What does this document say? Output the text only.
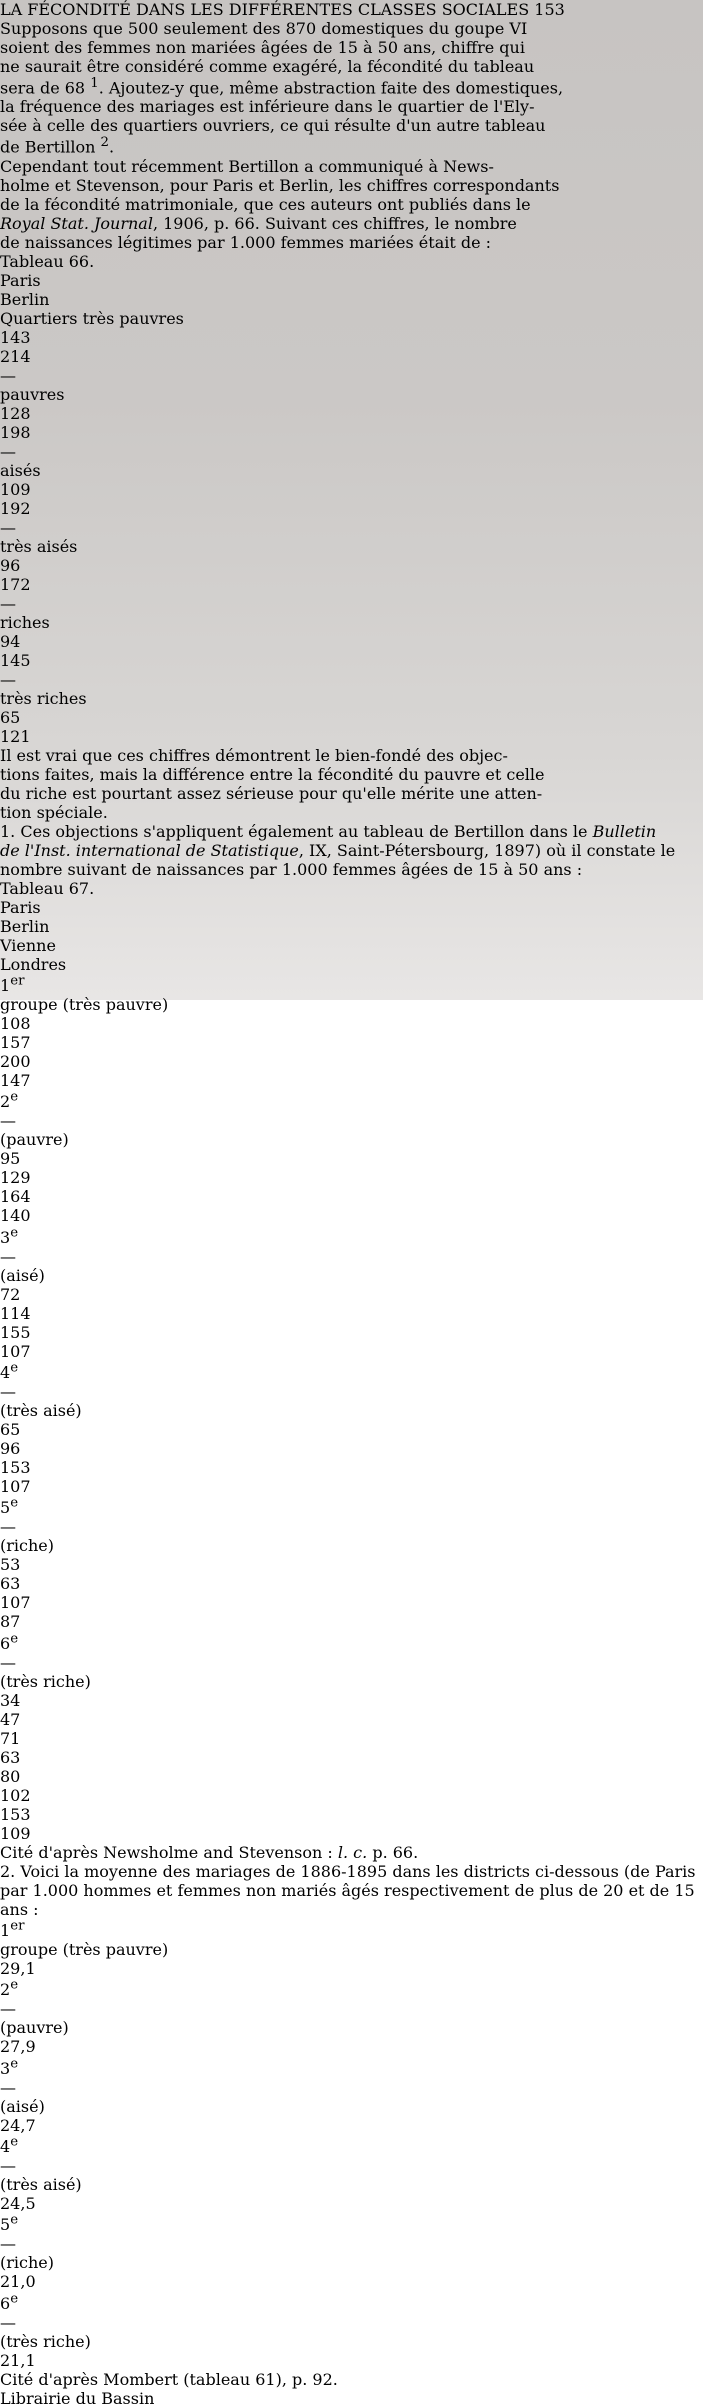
LA FÉCONDITÉ DANS LES DIFFÉRENTES CLASSES SOCIALES 153
Supposons que 500 seulement des 870 domestiques du goupe VI
soient des femmes non mariées âgées de 15 à 50 ans, chiffre qui
ne saurait être considéré comme exagéré, la fécondité du tableau
sera de 68 $^1$. Ajoutez-y que, même abstraction faite des domestiques,
la fréquence des mariages est inférieure dans le quartier de l'Ely-
sée à celle des quartiers ouvriers, ce qui résulte d'un autre tableau
de Bertillon $^2$.
Cependant tout récemment Bertillon a communiqué à News-
holme et Stevenson, pour Paris et Berlin, les chiffres correspondants
de la fécondité matrimoniale, que ces auteurs ont publiés dans le
Royal Stat. Journal, 1906, p. 66. Suivant ces chiffres, le nombre
de naissances légitimes par 1.000 femmes mariées était de :
Tableau 66.
Paris
Berlin
Quartiers très pauvres
143
214
—
pauvres
128
198
—
aisés
109
192
—
très aisés
96
172
—
riches
94
145
—
très riches
65
121
Il est vrai que ces chiffres démontrent le bien-fondé des objec-
tions faites, mais la différence entre la fécondité du pauvre et celle
du riche est pourtant assez sérieuse pour qu'elle mérite une atten-
tion spéciale.
1. Ces objections s'appliquent également au tableau de Bertillon dans le Bulletin
de l'Inst. international de Statistique, IX, Saint-Pétersbourg, 1897) où il constate le
nombre suivant de naissances par 1.000 femmes âgées de 15 à 50 ans :
Tableau 67.
Paris
Berlin
Vienne
Londres
1er
groupe (très pauvre)
108
157
200
147
2e
—
(pauvre)
95
129
164
140
3e
—
(aisé)
72
114
155
107
4e
—
(très aisé)
65
96
153
107
5e
—
(riche)
53
63
107
87
6e
—
(très riche)
34
47
71
63
80
102
153
109
Cité d'après Newsholme and Stevenson : l. c. p. 66.
2. Voici la moyenne des mariages de 1886-1895 dans les districts ci-dessous (de Paris
par 1.000 hommes et femmes non mariés âgés respectivement de plus de 20 et de 15 ans :
1er
groupe (très pauvre)
29,1
2e
—
(pauvre)
27,9
3e
—
(aisé)
24,7
4e
—
(très aisé)
24,5
5e
—
(riche)
21,0
6e
—
(très riche)
21,1
Cité d'après Mombert (tableau 61), p. 92.
Librairie du Bassin
